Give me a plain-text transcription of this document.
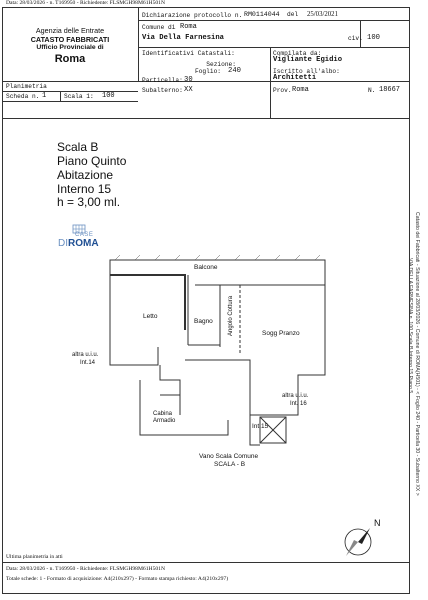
Data: 28/03/2026 - n. T169950 - Richiedente: FLSMGH98M61H501N
Agenzia delle Entrate
CATASTO FABBRICATI
Ufficio Provinciale di
Roma
Dichiarazione protocollo n. RM0114044 del 25/03/2021
Comune di Roma
Via Della Farnesina	civ. 100
Identificativi Catastali:
Sezione:
Foglio: 240
Particella: 30
Subalterno: XX
Compilata da:
Vigliante Egidio
Iscritto all'albo:
Architetti
Prov. Roma	N. 18667
Planimetria
Scheda n. 1	Scala 1: 100
Scala B
Piano Quinto
Abitazione
Interno 15
h = 3,00 ml.
CASE
DIROMA
Balcone
Letto
Bagno	Angolo Cottura	Sogg Pranzo
altra u.i.u.
Int.14
altra u.i.u.
Int. 16
Cabina
Armadio
Int.15
Vano Scala Comune
SCALA - B
N
Ultima planimetria in atti
Data: 28/03/2026 - n. T169950 - Richiedente: FLSMGH98M61H501N
Totale schede: 1 - Formato di acquisizione: A4(210x297) - Formato stampa richiesto: A4(210x297)
Catasto dei Fabbricati - Situazione al 28/03/2026 - Comune di ROMA(H501) - < Foglio 240 - Particella 30 - Subalterno XX >
VIA DELLA FARNESINA n. 100 Scala B Interno 15 Piano 5
